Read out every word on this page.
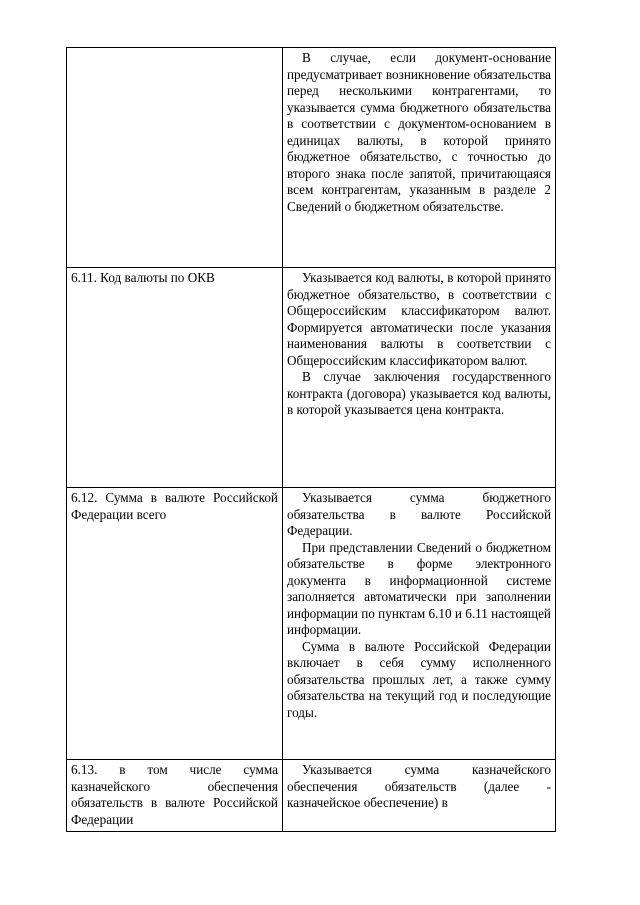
	В случае, если документ-основание предусматривает возникновение обязательства перед несколькими контрагентами, то указывается сумма бюджетного обязательства в соответствии с документом-основанием в единицах валюты, в которой принято бюджетное обязательство, с точностью до второго знака после запятой, причитающаяся всем контрагентам, указанным в разделе 2 Сведений о бюджетном обязательстве.

6.11. Код валюты по ОКВ	Указывается код валюты, в которой принято бюджетное обязательство, в соответствии с Общероссийским классификатором валют. Формируется автоматически после указания наименования валюты в соответствии с Общероссийским классификатором валют.

В случае заключения государственного контракта (договора) указывается код валюты, в которой указывается цена контракта.

6.12. Сумма в валюте Российской Федерации всего	Указывается сумма бюджетного обязательства в валюте Российской Федерации.

При представлении Сведений о бюджетном обязательстве в форме электронного документа в информационной системе заполняется автоматически при заполнении информации по пунктам 6.10 и 6.11 настоящей информации.

Сумма в валюте Российской Федерации включает в себя сумму исполненного обязательства прошлых лет, а также сумму обязательства на текущий год и последующие годы.

6.13. в том числе сумма казначейского обеспечения обязательств в валюте Российской Федерации	Указывается сумма казначейского обеспечения обязательств (далее - казначейское обеспечение) в
